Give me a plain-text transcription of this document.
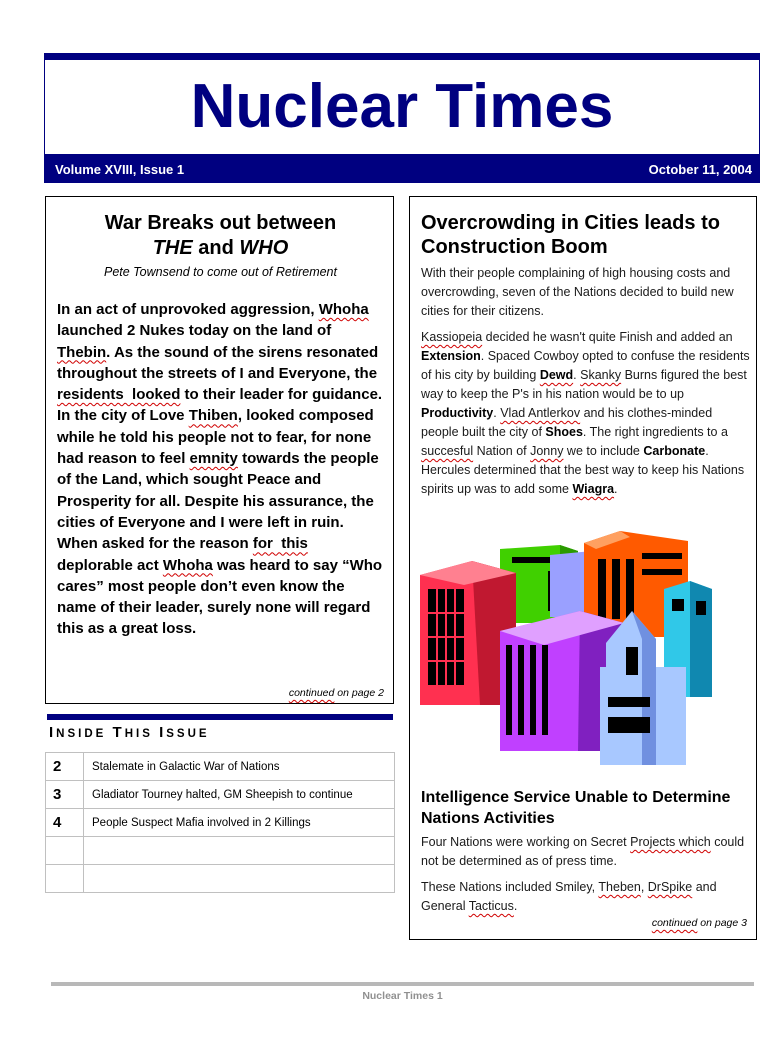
Nuclear Times
Volume XVIII, Issue 1	October 11, 2004
War Breaks out between
THE and WHO
Pete Townsend to come out of Retirement
In an act of unprovoked aggression, Whoha launched 2 Nukes today on the land of Thebin. As the sound of the sirens resonated throughout the streets of I and Everyone, the residents  looked to their leader for guidance. In the city of Love Thiben, looked composed while he told his people not to fear, for none had reason to feel emnity towards the people of the Land, which sought Peace and Prosperity for all. Despite his assurance, the cities of Everyone and I were left in ruin. When asked for the reason for  this deplorable act Whoha was heard to say “Who cares” most people don’t even know the name of their leader, surely none will regard this as a great loss.
continued on page 2
INSIDE THIS ISSUE
2	Stalemate in Galactic War of Nations
3	Gladiator Tourney halted, GM Sheepish to continue
4	People Suspect Mafia involved in 2 Killings

Overcrowding in Cities leads to Construction Boom

With their people complaining of high housing costs and overcrowding, seven of the Nations decided to build new cities for their citizens.

Kassiopeia decided he wasn't quite Finish and added an Extension. Spaced Cowboy opted to confuse the residents of his city by building Dewd. Skanky Burns figured the best way to keep the P's in his nation would be to up Productivity. Vlad Antlerkov and his clothes-minded people built the city of Shoes. The right ingredients to a succesful Nation of Jonny we to include Carbonate. Hercules determined that the best way to keep his Nations spirits up was to add some Wiagra.

Intelligence Service Unable to Determine Nations Activities

Four Nations were working on Secret Projects which could not be determined as of press time.

These Nations included Smiley, Theben, DrSpike and General Tacticus.

continued on page 3
Nuclear Times 1
